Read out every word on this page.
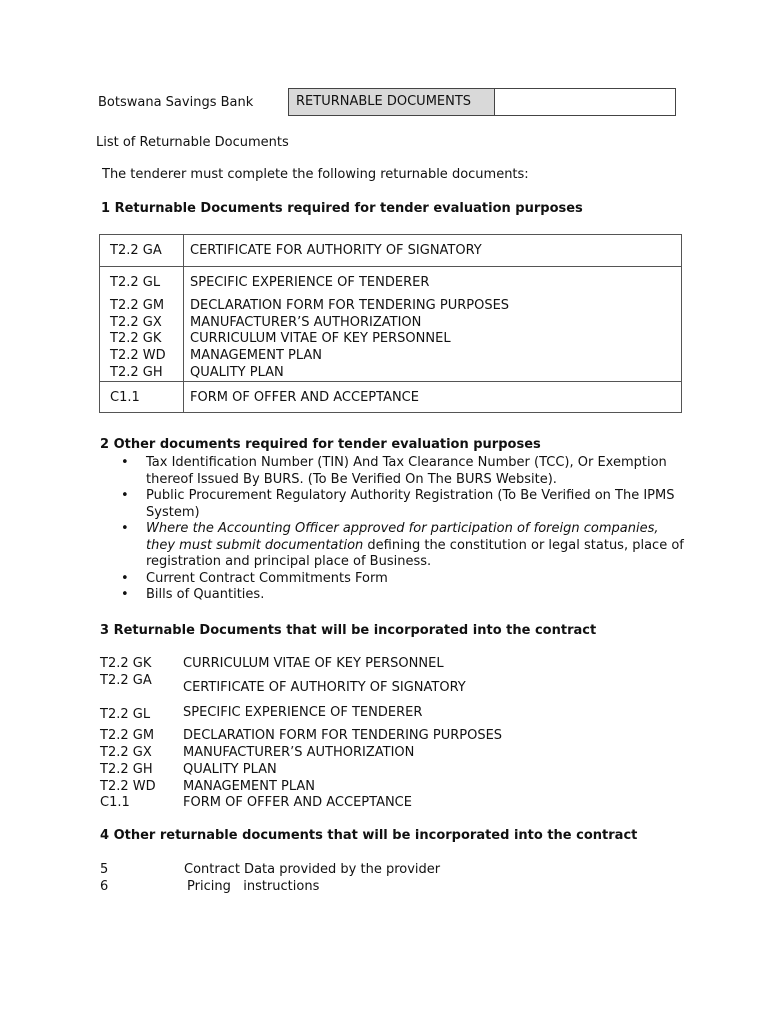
Botswana Savings Bank	RETURNABLE DOCUMENTS
List of Returnable Documents
The tenderer must complete the following returnable documents:
1 Returnable Documents required for tender evaluation purposes
T2.2 GA CERTIFICATE FOR AUTHORITY OF SIGNATORY
T2.2 GL SPECIFIC EXPERIENCE OF TENDERER
T2.2 GM DECLARATION FORM FOR TENDERING PURPOSES
T2.2 GX MANUFACTURER’S AUTHORIZATION
T2.2 GK CURRICULUM VITAE OF KEY PERSONNEL
T2.2 WD MANAGEMENT PLAN
T2.2 GH QUALITY PLAN
C1.1	FORM OF OFFER AND ACCEPTANCE
2 Other documents required for tender evaluation purposes
• Tax Identification Number (TIN) And Tax Clearance Number (TCC), Or Exemption
thereof Issued By BURS. (To Be Verified On The BURS Website).
• Public Procurement Regulatory Authority Registration (To Be Verified on The IPMS
System)
• Where the Accounting Officer approved for participation of foreign companies,
they must submit documentation defining the constitution or legal status, place of
registration and principal place of Business.
• Current Contract Commitments Form
• Bills of Quantities.
3 Returnable Documents that will be incorporated into the contract
T2.2 GK CURRICULUM VITAE OF KEY PERSONNEL
T2.2 GA CERTIFICATE OF AUTHORITY OF SIGNATORY
T2.2 GL	SPECIFIC EXPERIENCE OF TENDERER
T2.2 GM DECLARATION FORM FOR TENDERING PURPOSES
T2.2 GX MANUFACTURER’S AUTHORIZATION
T2.2 GH QUALITY PLAN
T2.2 WD MANAGEMENT PLAN
C1.1	FORM OF OFFER AND ACCEPTANCE
4 Other returnable documents that will be incorporated into the contract
5	Contract Data provided by the provider
6	Pricing   instructions
